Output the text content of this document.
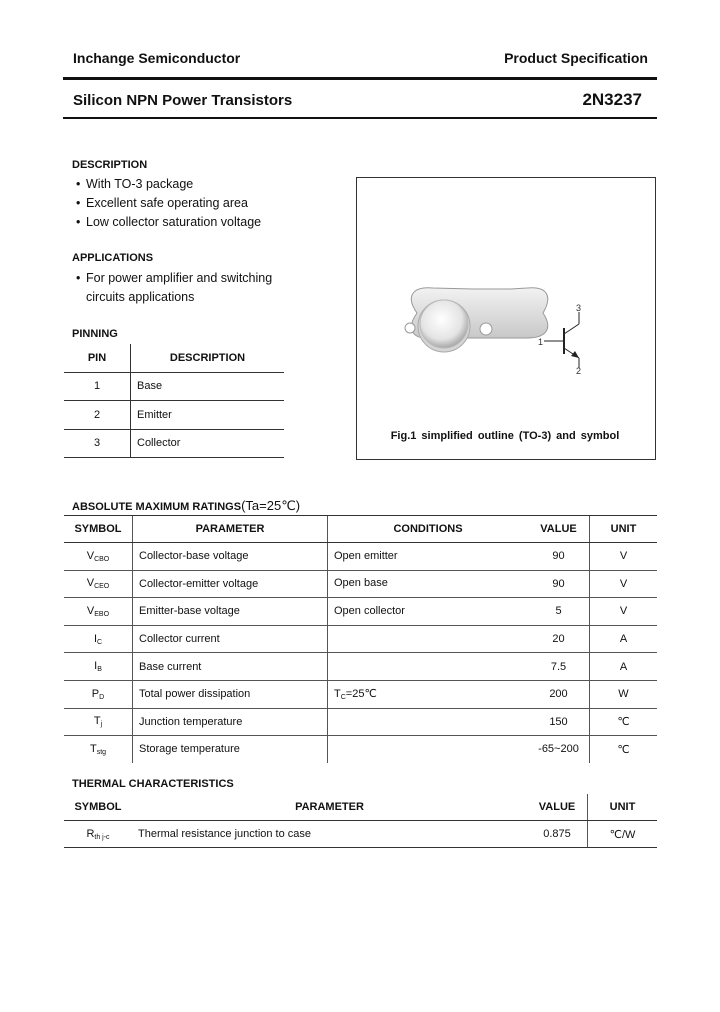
Inchange Semiconductor	Product Specification
Silicon NPN Power Transistors	2N3237
DESCRIPTION
• With TO-3 package
• Excellent safe operating area
• Low collector saturation voltage
APPLICATIONS
• For power amplifier and switching
circuits applications
PINNING
PIN	DESCRIPTION
1	Base
2	Emitter
3	Collector
1
2
3
Fig.1 simplified outline (TO-3) and symbol
ABSOLUTE MAXIMUM RATINGS(Ta=25℃)
SYMBOL	PARAMETER	CONDITIONS	VALUE	UNIT
$V_{CBO}$	Collector-base voltage	Open emitter	90	V
$V_{CEO}$	Collector-emitter voltage	Open base	90	V
$V_{EBO}$	Emitter-base voltage	Open collector	5	V
$I_C$	Collector current		20	A
$I_B$	Base current		7.5	A
$P_D$	Total power dissipation	$T_C=25℃$	200	W
$T_j$	Junction temperature		150	℃
$T_{stg}$	Storage temperature		-65~200	℃
THERMAL CHARACTERISTICS
SYMBOL	PARAMETER	VALUE	UNIT
$R_{th j-c}$	Thermal resistance junction to case	0.875	℃/W
